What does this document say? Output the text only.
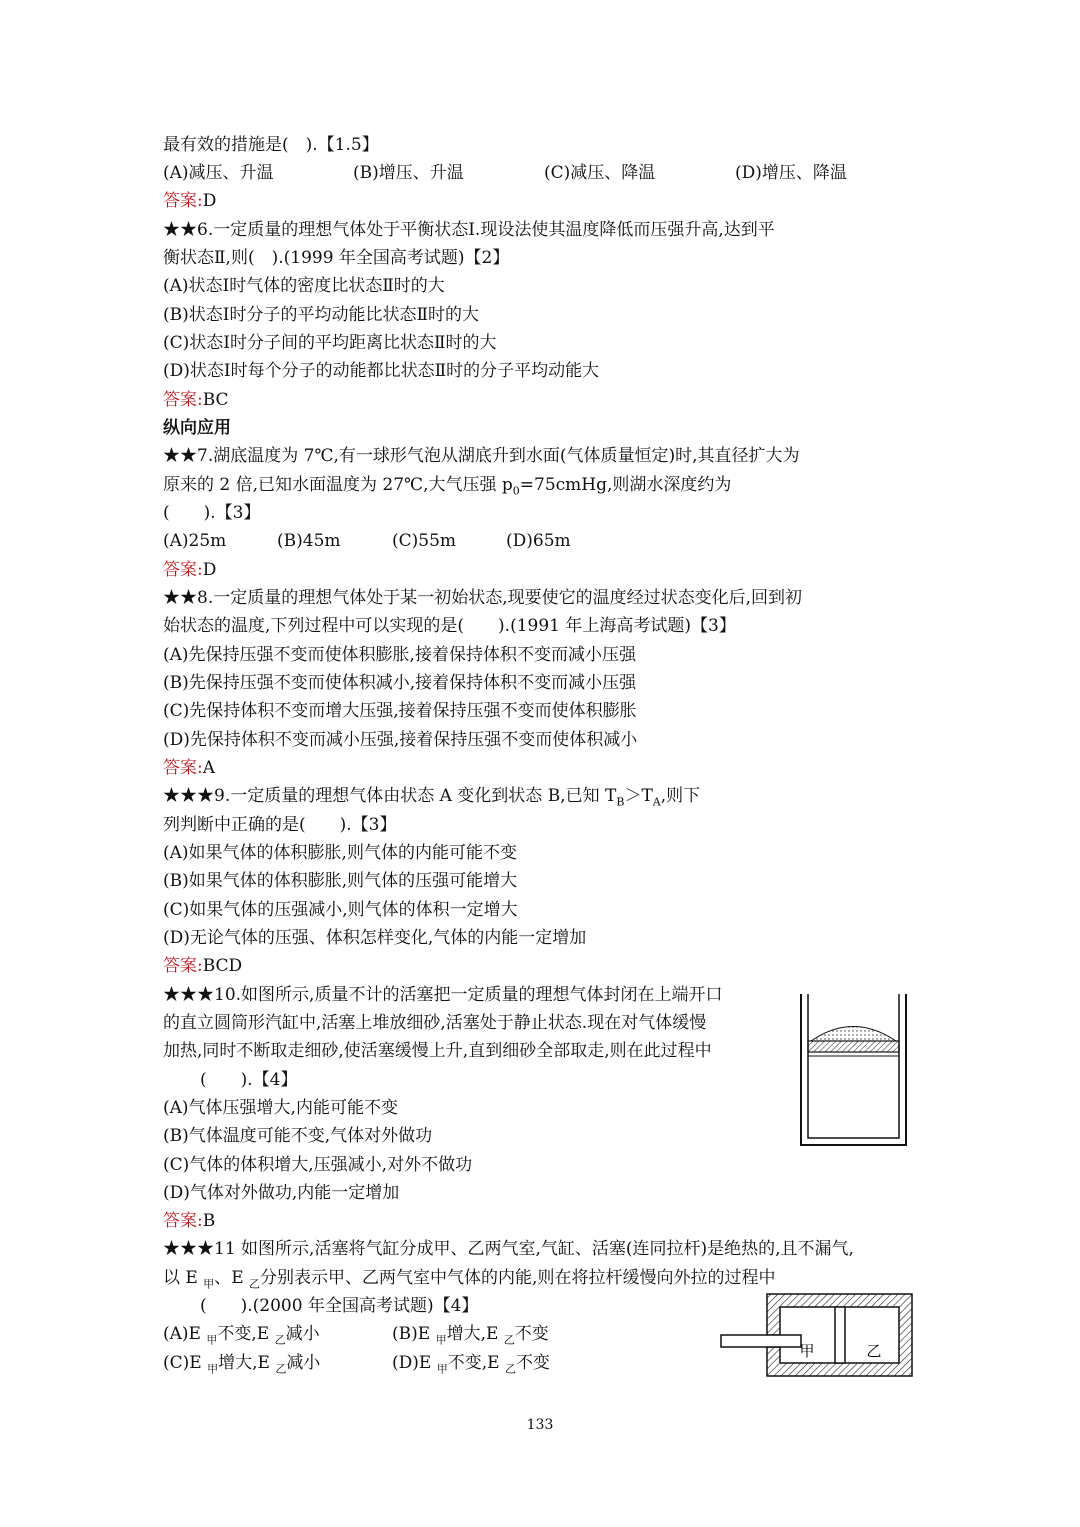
最有效的措施是(　).【1.5】

(A)减压、升温

	(B)增压、升温

	(C)减压、降温

	(D)增压、降温

答案:D
★★6.一定质量的理想气体处于平衡状态Ⅰ.现设法使其温度降低而压强升高,达到平
衡状态Ⅱ,则(　).(1999 年全国高考试题)【2】
(A)状态Ⅰ时气体的密度比状态Ⅱ时的大
(B)状态Ⅰ时分子的平均动能比状态Ⅱ时的大
(C)状态Ⅰ时分子间的平均距离比状态Ⅱ时的大
(D)状态Ⅰ时每个分子的动能都比状态Ⅱ时的分子平均动能大
答案:BC
纵向应用
★★7.湖底温度为 7℃,有一球形气泡从湖底升到水面(气体质量恒定)时,其直径扩大为
原来的 2 倍,已知水面温度为 27℃,大气压强 $p_0=75cmHg$,则湖水深度约为
(　　).【3】

(A)25m

	(B)45m

	(C)55m

	(D)65m

答案:D
★★8.一定质量的理想气体处于某一初始状态,现要使它的温度经过状态变化后,回到初
始状态的温度,下列过程中可以实现的是(　　).(1991 年上海高考试题)【3】
(A)先保持压强不变而使体积膨胀,接着保持体积不变而减小压强
(B)先保持压强不变而使体积减小,接着保持体积不变而减小压强
(C)先保持体积不变而增大压强,接着保持压强不变而使体积膨胀
(D)先保持体积不变而减小压强,接着保持压强不变而使体积减小
答案:A
★★★9.一定质量的理想气体由状态 A 变化到状态 B,已知 $T_B>T_A$,则下
列判断中正确的是(　　).【3】
(A)如果气体的体积膨胀,则气体的内能可能不变
(B)如果气体的体积膨胀,则气体的压强可能增大
(C)如果气体的压强减小,则气体的体积一定增大
(D)无论气体的压强、体积怎样变化,气体的内能一定增加
答案:BCD
★★★10.如图所示,质量不计的活塞把一定质量的理想气体封闭在上端开口
的直立圆筒形汽缸中,活塞上堆放细砂,活塞处于静止状态.现在对气体缓慢
加热,同时不断取走细砂,使活塞缓慢上升,直到细砂全部取走,则在此过程中
(　　).【4】
(A)气体压强增大,内能可能不变
(B)气体温度可能不变,气体对外做功
(C)气体的体积增大,压强减小,对外不做功
(D)气体对外做功,内能一定增加
答案:B
★★★11 如图所示,活塞将气缸分成甲、乙两气室,气缸、活塞(连同拉杆)是绝热的,且不漏气,
以 E $_甲$、E $_乙$分别表示甲、乙两气室中气体的内能,则在将拉杆缓慢向外拉的过程中
(　　).(2000 年全国高考试题)【4】

(A)E $_甲$不变,E $_乙$减小

	(B)E $_甲$增大,E $_乙$不变

(C)E $_甲$增大,E $_乙$减小

	(D)E $_甲$不变,E $_乙$不变

甲	乙
133
